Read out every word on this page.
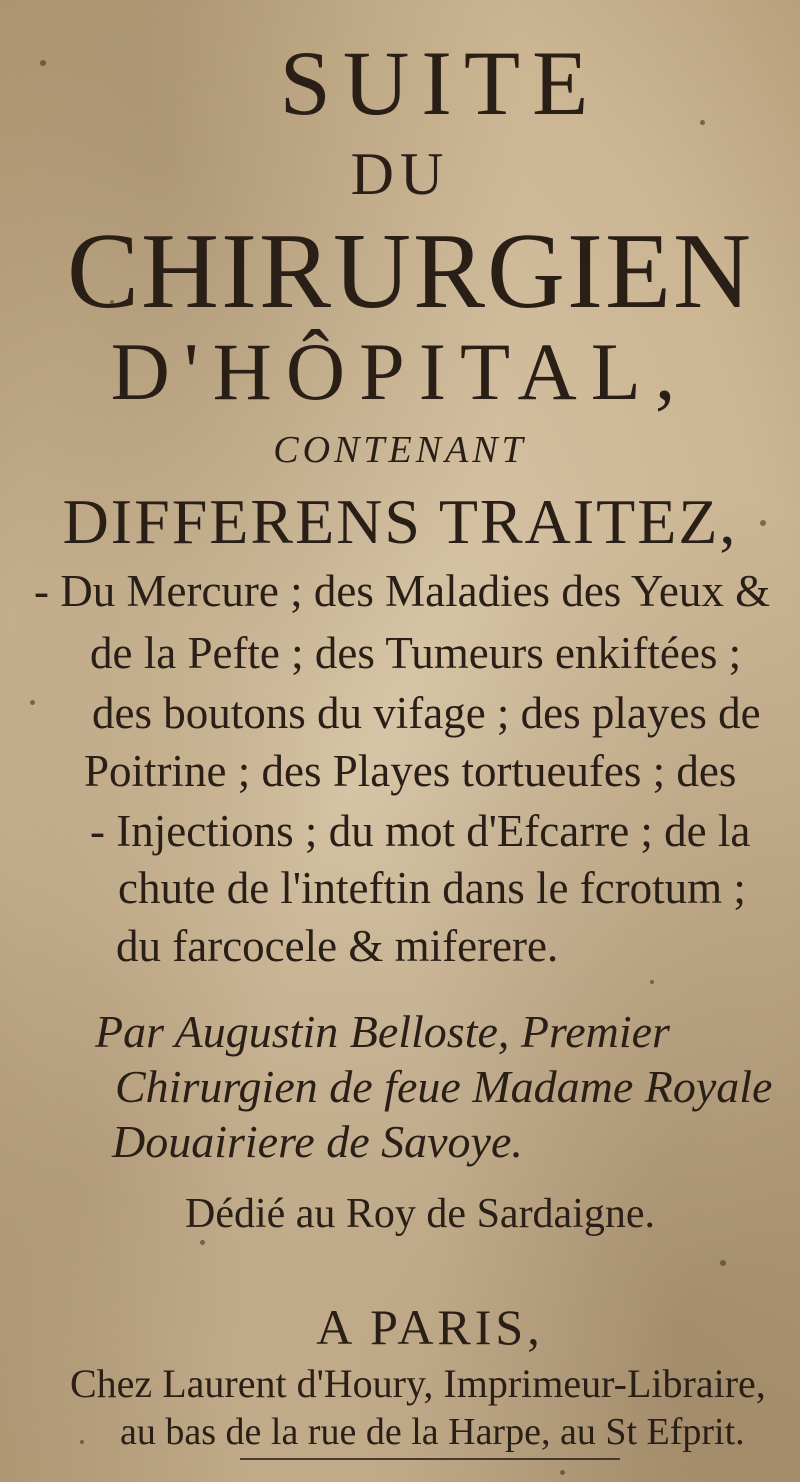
SUITE
DU
CHIRURGIEN
D'HÔPITAL,
CONTENANT
DIFFERENS TRAITEZ,
- Du Mercure ; des Maladies des Yeux &
de la Pefte ; des Tumeurs enkiftées ;
des boutons du vifage ; des playes de
Poitrine ; des Playes tortueufes ; des
- Injections ; du mot d'Efcarre ; de la
chute de l'inteftin dans le fcrotum ;
du farcocele & miferere.
Par Augustin Belloste, Premier
Chirurgien de feue Madame Royale
Douairiere de Savoye.
Dédié au Roy de Sardaigne.
A PARIS,
Chez Laurent d'Houry, Imprimeur-Libraire,
au bas de la rue de la Harpe, au St Efprit.
